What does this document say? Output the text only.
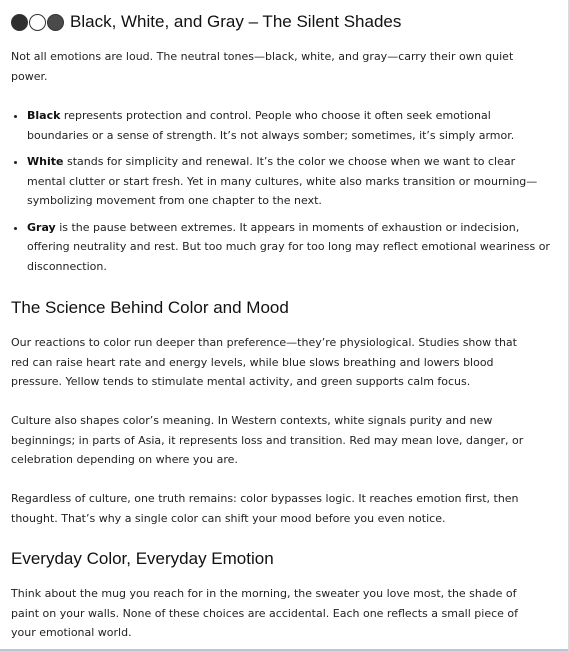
Black, White, and Gray – The Silent Shades

Not all emotions are loud. The neutral tones—black, white, and gray—carry their own quiet power.

• Black represents protection and control. People who choose it often seek emotional boundaries or a sense of strength. It’s not always somber; sometimes, it’s simply armor.
• White stands for simplicity and renewal. It’s the color we choose when we want to clear mental clutter or start fresh. Yet in many cultures, white also marks transition or mourning—symbolizing movement from one chapter to the next.
• Gray is the pause between extremes. It appears in moments of exhaustion or indecision, offering neutrality and rest. But too much gray for too long may reflect emotional weariness or disconnection.
The Science Behind Color and Mood

Our reactions to color run deeper than preference—they’re physiological. Studies show that red can raise heart rate and energy levels, while blue slows breathing and lowers blood pressure. Yellow tends to stimulate mental activity, and green supports calm focus.

Culture also shapes color’s meaning. In Western contexts, white signals purity and new beginnings; in parts of Asia, it represents loss and transition. Red may mean love, danger, or celebration depending on where you are.

Regardless of culture, one truth remains: color bypasses logic. It reaches emotion first, then thought. That’s why a single color can shift your mood before you even notice.

Everyday Color, Everyday Emotion

Think about the mug you reach for in the morning, the sweater you love most, the shade of paint on your walls. None of these choices are accidental. Each one reflects a small piece of your emotional world.
